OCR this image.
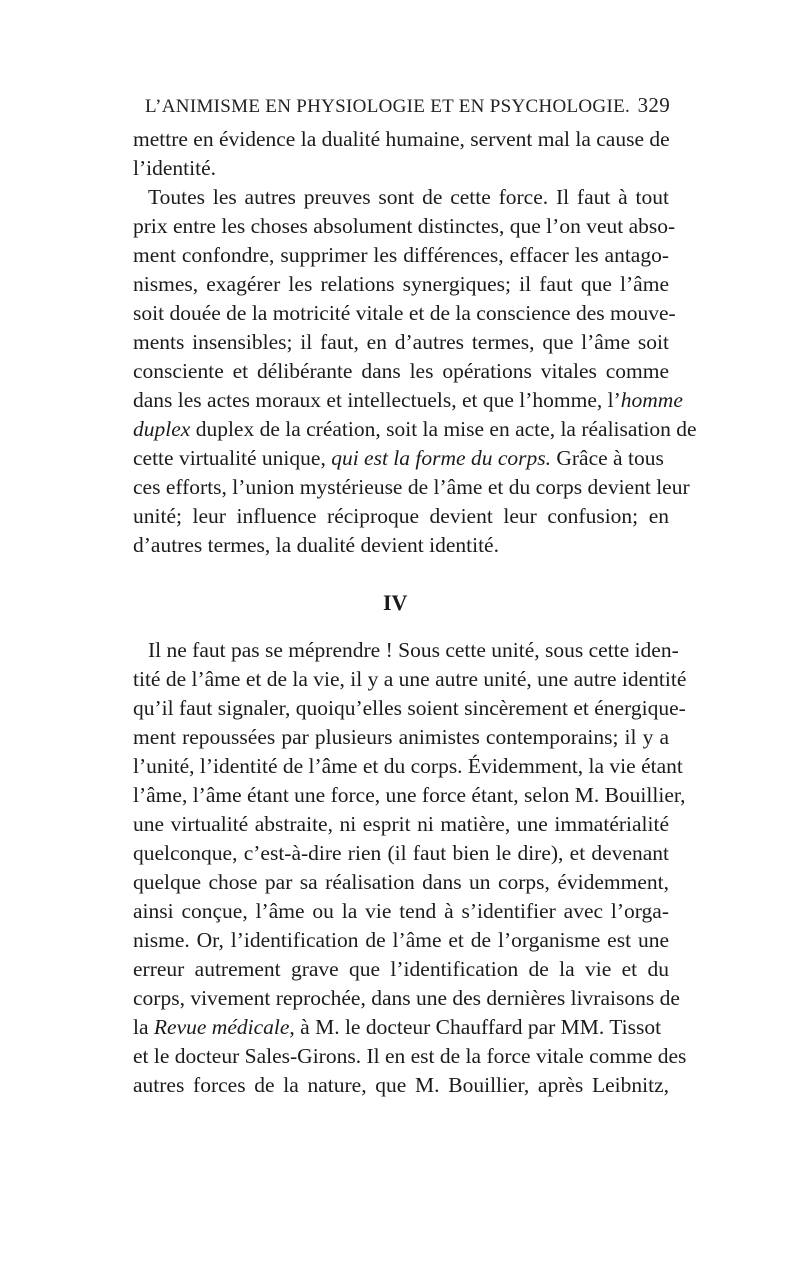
L’ANIMISME EN PHYSIOLOGIE ET EN PSYCHOLOGIE. 329
mettre en évidence la dualité humaine, servent mal la cause de
l’identité.
Toutes les autres preuves sont de cette force. Il faut à tout
prix entre les choses absolument distinctes, que l’on veut abso-
ment confondre, supprimer les différences, effacer les antago-
nismes, exagérer les relations synergiques; il faut que l’âme
soit douée de la motricité vitale et de la conscience des mouve-
ments insensibles; il faut, en d’autres termes, que l’âme soit
consciente et délibérante dans les opérations vitales comme
dans les actes moraux et intellectuels, et que l’homme, l’homme
duplex duplex de la création, soit la mise en acte, la réalisation de
cette virtualité unique, qui est la forme du corps. Grâce à tous
ces efforts, l’union mystérieuse de l’âme et du corps devient leur
unité; leur influence réciproque devient leur confusion; en
d’autres termes, la dualité devient identité.
IV
Il ne faut pas se méprendre ! Sous cette unité, sous cette iden-
tité de l’âme et de la vie, il y a une autre unité, une autre identité
qu’il faut signaler, quoiqu’elles soient sincèrement et énergique-
ment repoussées par plusieurs animistes contemporains; il y a
l’unité, l’identité de l’âme et du corps. Évidemment, la vie étant
l’âme, l’âme étant une force, une force étant, selon M. Bouillier,
une virtualité abstraite, ni esprit ni matière, une immatérialité
quelconque, c’est-à-dire rien (il faut bien le dire), et devenant
quelque chose par sa réalisation dans un corps, évidemment,
ainsi conçue, l’âme ou la vie tend à s’identifier avec l’orga-
nisme. Or, l’identification de l’âme et de l’organisme est une
erreur autrement grave que l’identification de la vie et du
corps, vivement reprochée, dans une des dernières livraisons de
la Revue médicale, à M. le docteur Chauffard par MM. Tissot
et le docteur Sales-Girons. Il en est de la force vitale comme des
autres forces de la nature, que M. Bouillier, après Leibnitz,
